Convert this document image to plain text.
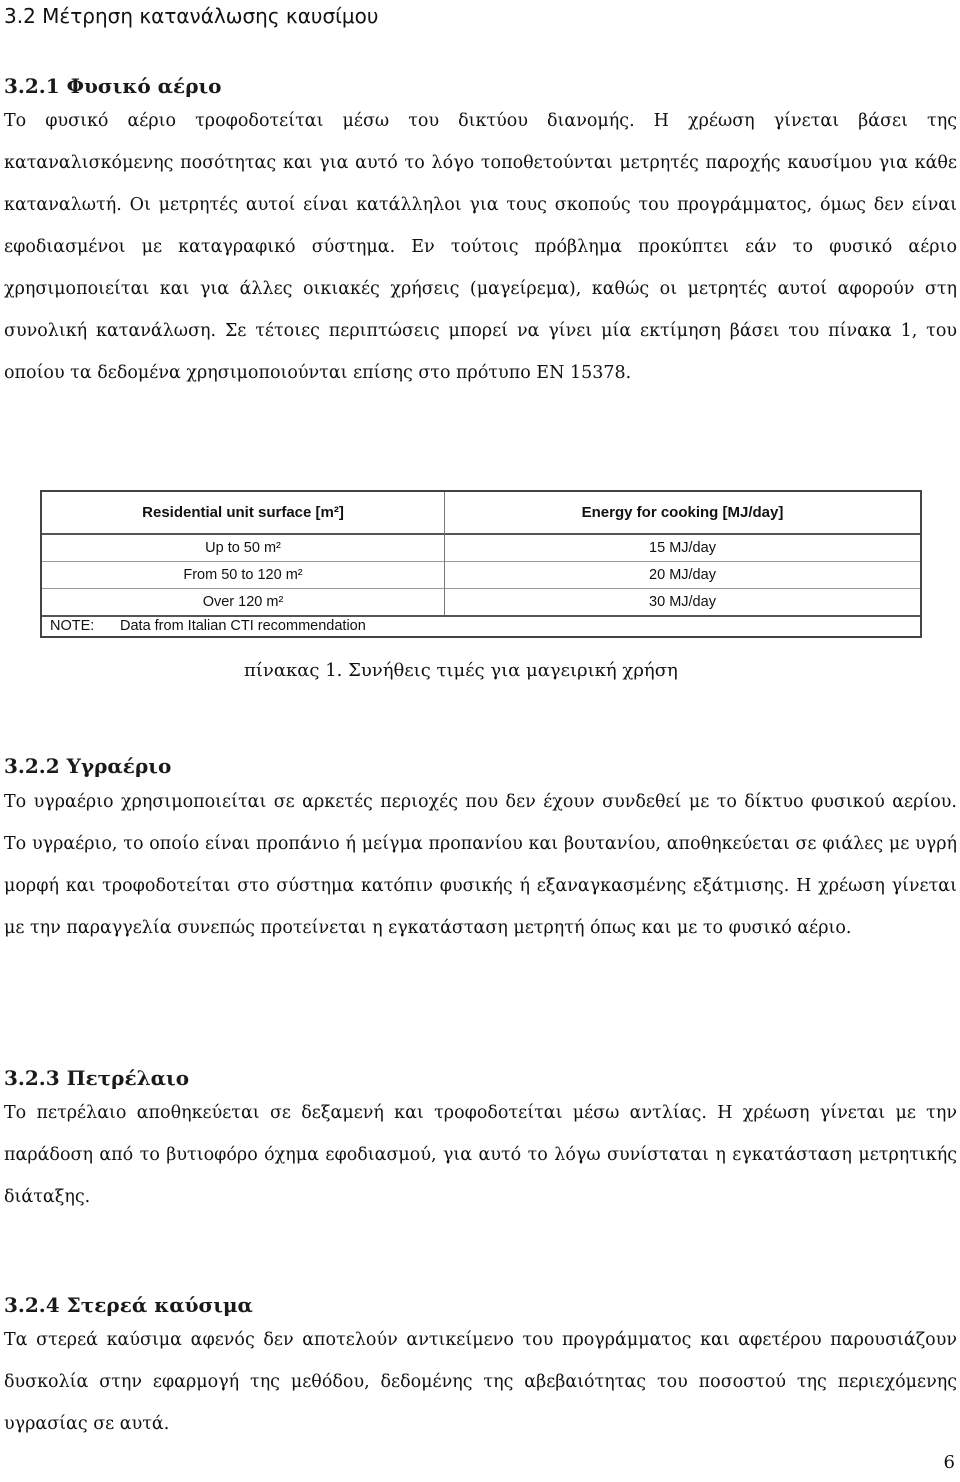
3.2 Μέτρηση κατανάλωσης καυσίμου
3.2.1 Φυσικό αέριο
Το φυσικό αέριο τροφοδοτείται μέσω του δικτύου διανομής. Η χρέωση γίνεται βάσει της καταναλισκόμενης ποσότητας και για αυτό το λόγο τοποθετούνται μετρητές παροχής καυσίμου για κάθε καταναλωτή. Οι μετρητές αυτοί είναι κατάλληλοι για τους σκοπούς του προγράμματος, όμως δεν είναι εφοδιασμένοι με καταγραφικό σύστημα. Εν τούτοις πρόβλημα προκύπτει εάν το φυσικό αέριο χρησιμοποιείται και για άλλες οικιακές χρήσεις (μαγείρεμα), καθώς οι μετρητές αυτοί αφορούν στη συνολική κατανάλωση. Σε τέτοιες περιπτώσεις μπορεί να γίνει μία εκτίμηση βάσει του πίνακα 1, του οποίου τα δεδομένα χρησιμοποιούνται επίσης στο πρότυπο ΕΝ 15378.
Residential unit surface [m²]	Energy for cooking [MJ/day]
Up to 50 m²	15 MJ/day
From 50 to 120 m²	20 MJ/day
Over 120 m²	30 MJ/day
NOTE: Data from Italian CTI recommendation
πίνακας 1. Συνήθεις τιμές για μαγειρική χρήση
3.2.2 Υγραέριο
Το υγραέριο χρησιμοποιείται σε αρκετές περιοχές που δεν έχουν συνδεθεί με το δίκτυο φυσικού αερίου. Το υγραέριο, το οποίο είναι προπάνιο ή μείγμα προπανίου και βουτανίου, αποθηκεύεται σε φιάλες με υγρή μορφή και τροφοδοτείται στο σύστημα κατόπιν φυσικής ή εξαναγκασμένης εξάτμισης. Η χρέωση γίνεται με την παραγγελία συνεπώς προτείνεται η εγκατάσταση μετρητή όπως και με το φυσικό αέριο.
3.2.3 Πετρέλαιο
Το πετρέλαιο αποθηκεύεται σε δεξαμενή και τροφοδοτείται μέσω αντλίας. Η χρέωση γίνεται με την παράδοση από το βυτιοφόρο όχημα εφοδιασμού, για αυτό το λόγω συνίσταται η εγκατάσταση μετρητικής διάταξης.
3.2.4 Στερεά καύσιμα
Τα στερεά καύσιμα αφενός δεν αποτελούν αντικείμενο του προγράμματος και αφετέρου παρουσιάζουν δυσκολία στην εφαρμογή της μεθόδου, δεδομένης της αβεβαιότητας του ποσοστού της περιεχόμενης υγρασίας σε αυτά.
6
